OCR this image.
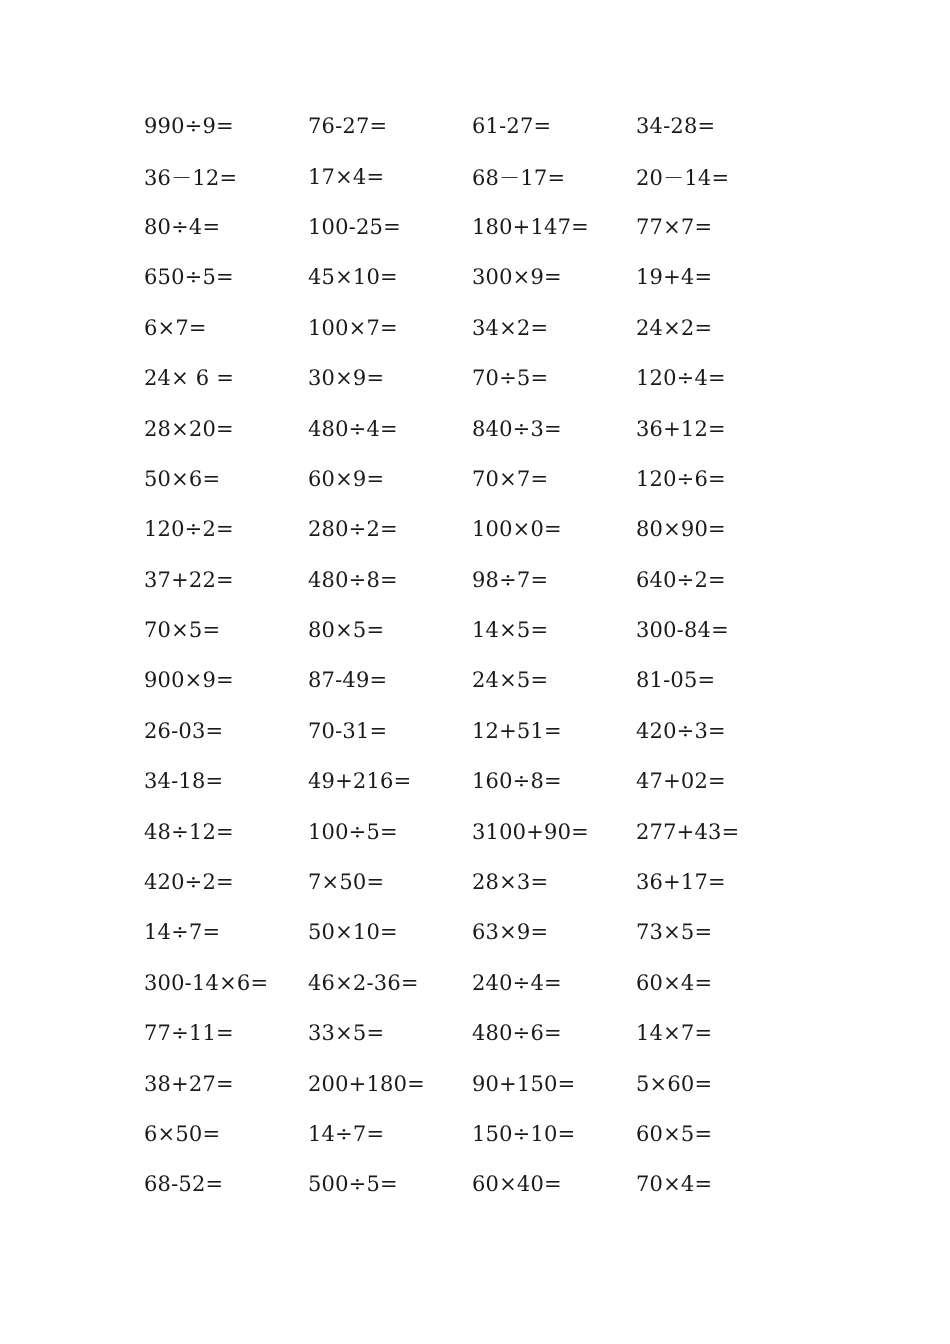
990÷9=	76-27=	61-27=	34-28=
36－12=	17×4=	68－17=	20－14=
80÷4=	100-25=	180+147=	77×7=
650÷5=	45×10=	300×9=	19+4=
6×7=	100×7=	34×2=	24×2=
24× 6 =	30×9=	70÷5=	120÷4=
28×20=	480÷4=	840÷3=	36+12=
50×6=	60×9=	70×7=	120÷6=
120÷2=	280÷2=	100×0=	80×90=
37+22=	480÷8=	98÷7=	640÷2=
70×5=	80×5=	14×5=	300-84=
900×9=	87-49=	24×5=	81-05=
26-03=	70-31=	12+51=	420÷3=
34-18=	49+216=	160÷8=	47+02=
48÷12=	100÷5=	3100+90=	277+43=
420÷2=	7×50=	28×3=	36+17=
14÷7=	50×10=	63×9=	73×5=
300-14×6=	46×2-36=	240÷4=	60×4=
77÷11=	33×5=	480÷6=	14×7=
38+27=	200+180=	90+150=	5×60=
6×50=	14÷7=	150÷10=	60×5=
68-52=	500÷5=	60×40=	70×4=
